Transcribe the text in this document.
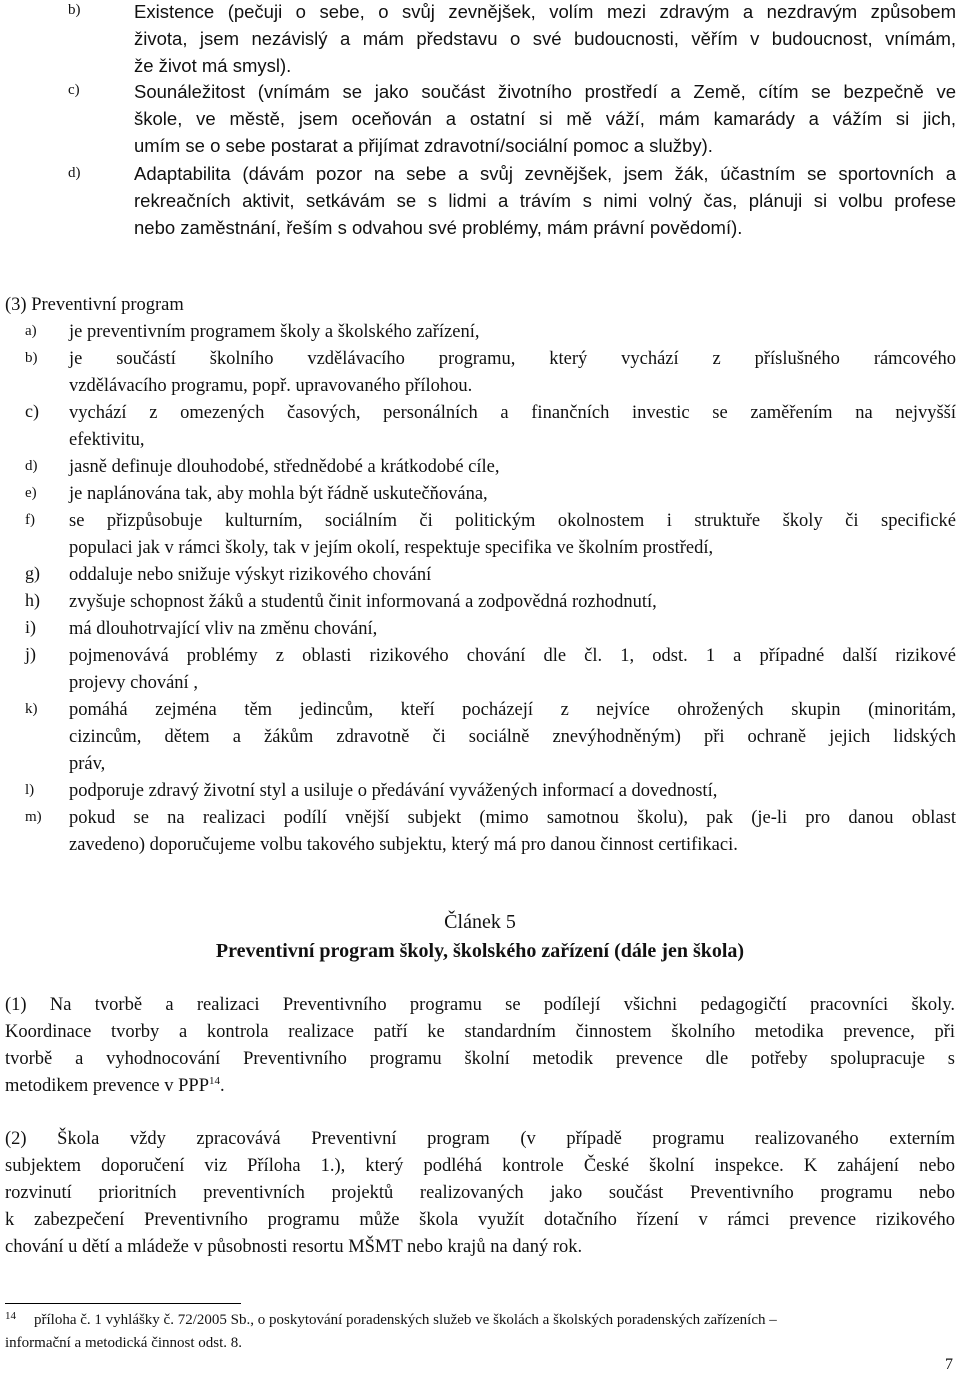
b)	Existence (pečuji o sebe, o svůj zevnějšek, volím mezi zdravým a nezdravým způsobem
života, jsem nezávislý a mám představu o své budoucnosti, věřím v budoucnost, vnímám,
že život má smysl).
c)	Sounáležitost (vnímám se jako součást životního prostředí a Země, cítím se bezpečně ve
škole, ve městě, jsem oceňován a ostatní si mě váží, mám kamarády a vážím si jich,
umím se o sebe postarat a přijímat zdravotní/sociální pomoc a služby).
d)	Adaptabilita (dávám pozor na sebe a svůj zevnějšek, jsem žák, účastním se sportovních a
rekreačních aktivit, setkávám se s lidmi a trávím s nimi volný čas, plánuji si volbu profese
nebo zaměstnání, řeším s odvahou své problémy, mám právní povědomí).
(3) Preventivní program
a) je preventivním programem školy a školského zařízení,
b) je součástí školního vzdělávacího programu, který vychází z příslušného rámcového
vzdělávacího programu, popř. upravovaného přílohou.
c) vychází z omezených časových, personálních a finančních investic se zaměřením na nejvyšší
efektivitu,
d) jasně definuje dlouhodobé, střednědobé a krátkodobé cíle,
e) je naplánována tak, aby mohla být řádně uskutečňována,
f) se přizpůsobuje kulturním, sociálním či politickým okolnostem i struktuře školy či specifické
populaci jak v rámci školy, tak v jejím okolí, respektuje specifika ve školním prostředí,
g) oddaluje nebo snižuje výskyt rizikového chování
h) zvyšuje schopnost žáků a studentů činit informovaná a zodpovědná rozhodnutí,
i) má dlouhotrvající vliv na změnu chování,
j) pojmenovává problémy z oblasti rizikového chování dle čl. 1, odst. 1 a případné další rizikové
projevy chování ,
k) pomáhá zejména těm jedincům, kteří pocházejí z nejvíce ohrožených skupin (minoritám,
cizincům, dětem a žákům zdravotně či sociálně znevýhodněným) při ochraně jejich lidských
práv,
l) podporuje zdravý životní styl a usiluje o předávání vyvážených informací a dovedností,
m) pokud se na realizaci podílí vnější subjekt (mimo samotnou školu), pak (je-li pro danou oblast
zavedeno) doporučujeme volbu takového subjektu, který má pro danou činnost certifikaci.
Článek 5
Preventivní program školy, školského zařízení (dále jen škola)
(1) Na tvorbě a realizaci Preventivního programu se podílejí všichni pedagogičtí pracovníci školy.
Koordinace tvorby a kontrola realizace patří ke standardním činnostem školního metodika prevence, při
tvorbě a vyhodnocování Preventivního programu školní metodik prevence dle potřeby spolupracuje s
metodikem prevence v PPP$^{14}$.
(2) Škola vždy zpracovává Preventivní program (v případě programu realizovaného externím
subjektem doporučení viz Příloha 1.), který podléhá kontrole České školní inspekce. K zahájení nebo
rozvinutí prioritních preventivních projektů realizovaných jako součást Preventivního programu nebo
k zabezpečení Preventivního programu může škola využít dotačního řízení v rámci prevence rizikového
chování u dětí a mládeže v působnosti resortu MŠMT nebo krajů na daný rok.
14 příloha č. 1 vyhlášky č. 72/2005 Sb., o poskytování poradenských služeb ve školách a školských poradenských zařízeních –
informační a metodická činnost odst. 8.
7
